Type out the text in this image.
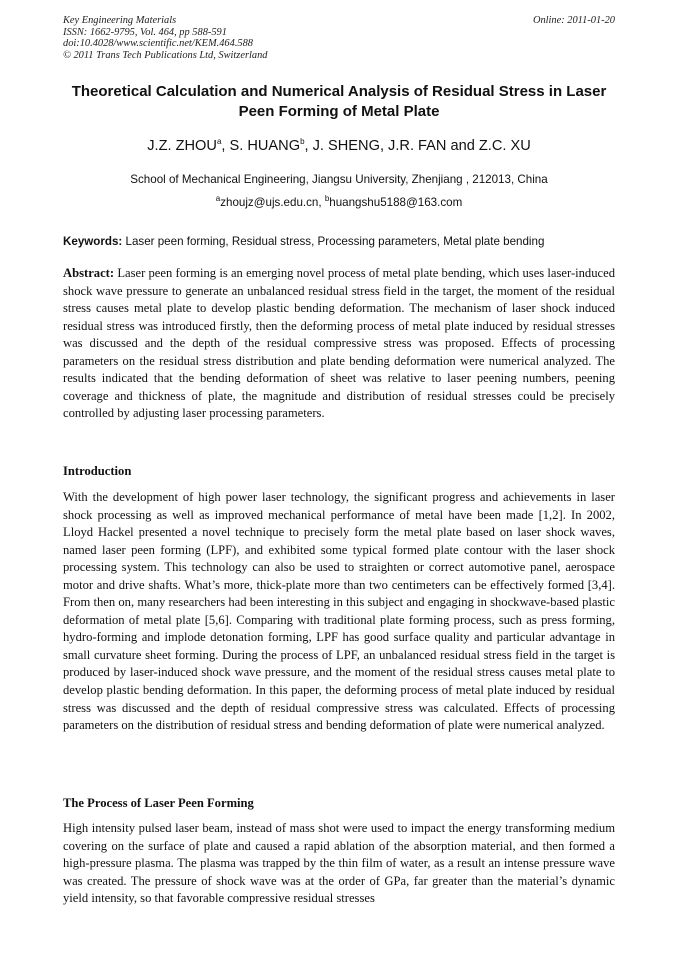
Key Engineering Materials
ISSN: 1662-9795, Vol. 464, pp 588-591
doi:10.4028/www.scientific.net/KEM.464.588
© 2011 Trans Tech Publications Ltd, Switzerland
Online: 2011-01-20
Theoretical Calculation and Numerical Analysis of Residual Stress in Laser Peen Forming of Metal Plate
J.Z. ZHOU$^a$, S. HUANG$^b$, J. SHENG, J.R. FAN and Z.C. XU
School of Mechanical Engineering, Jiangsu University, Zhenjiang , 212013, China
$^a$zhoujz@ujs.edu.cn, $^b$huangshu5188@163.com
Keywords: Laser peen forming, Residual stress, Processing parameters, Metal plate bending
Abstract: Laser peen forming is an emerging novel process of metal plate bending, which uses laser-induced shock wave pressure to generate an unbalanced residual stress field in the target, the moment of the residual stress causes metal plate to develop plastic bending deformation. The mechanism of laser shock induced residual stress was introduced firstly, then the deforming process of metal plate induced by residual stresses was discussed and the depth of the residual compressive stress was proposed. Effects of processing parameters on the residual stress distribution and plate bending deformation were numerical analyzed. The results indicated that the bending deformation of sheet was relative to laser peening numbers, peening coverage and thickness of plate, the magnitude and distribution of residual stresses could be precisely controlled by adjusting laser processing parameters.
Introduction
With the development of high power laser technology, the significant progress and achievements in laser shock processing as well as improved mechanical performance of metal have been made [1,2]. In 2002, Lloyd Hackel presented a novel technique to precisely form the metal plate based on laser shock waves, named laser peen forming (LPF), and exhibited some typical formed plate contour with the laser shock processing system. This technology can also be used to straighten or correct automotive panel, aerospace motor and drive shafts. What’s more, thick-plate more than two centimeters can be effectively formed [3,4]. From then on, many researchers had been interesting in this subject and engaging in shockwave-based plastic deformation of metal plate [5,6]. Comparing with traditional plate forming process, such as press forming, hydro-forming and implode detonation forming, LPF has good surface quality and particular advantage in small curvature sheet forming. During the process of LPF, an unbalanced residual stress field in the target is produced by laser-induced shock wave pressure, and the moment of the residual stress causes metal plate to develop plastic bending deformation. In this paper, the deforming process of metal plate induced by residual stress was discussed and the depth of residual compressive stress was calculated. Effects of processing parameters on the distribution of residual stress and bending deformation of plate were numerical analyzed.
The Process of Laser Peen Forming
High intensity pulsed laser beam, instead of mass shot were used to impact the energy transforming medium covering on the surface of plate and caused a rapid ablation of the absorption material, and then formed a high-pressure plasma. The plasma was trapped by the thin film of water, as a result an intense pressure wave was created. The pressure of shock wave was at the order of GPa, far greater than the material’s dynamic yield intensity, so that favorable compressive residual stresses
